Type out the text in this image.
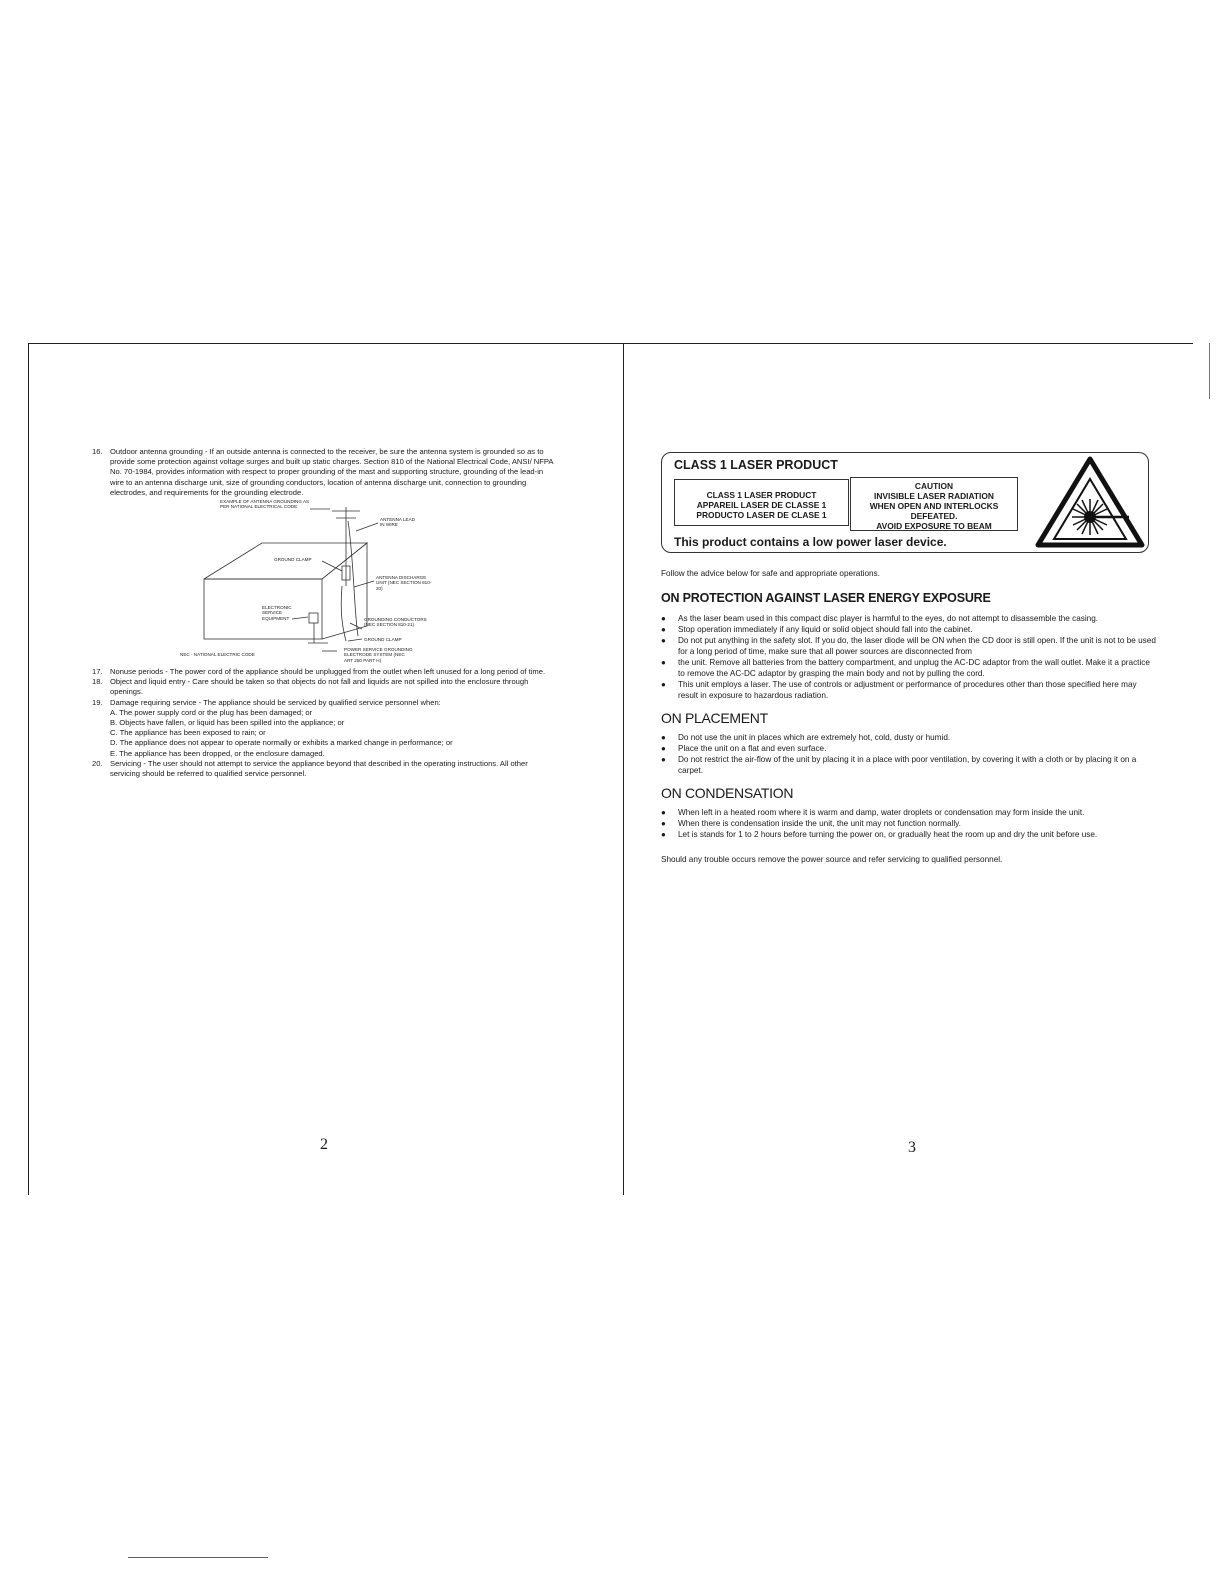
16. Outdoor antenna grounding - If an outside antenna is connected to the receiver, be sure the antenna system is grounded so as to provide some protection against voltage surges and built up static charges. Section 810 of the National Electrical Code, ANSI/ NFPA No. 70-1984, provides information with respect to proper grounding of the mast and supporting structure, grounding of the lead-in wire to an antenna discharge unit, size of grounding conductors, location of antenna discharge unit, connection to grounding electrodes, and requirements for the grounding electrode.
EXAMPLE OF ANTENNA GROUNDING AS PER NATIONAL ELECTRICAL CODE
ANTENNA LEAD IN WIRE
GROUND CLAMP
ANTENNA DISCHARGE UNIT (NEC SECTION 810-20)
ELECTRONIC SERVICE EQUIPMENT	GROUNDING CONDUCTORS (NEC SECTION 810-21)
GROUND CLAMP
POWER SERVICE GROUNDING ELECTRODE SYSTEM (NEC ART 250 PART H)
NEC - NATIONAL ELECTRIC CODE
17. Nonuse periods - The power cord of the appliance should be unplugged from the outlet when left unused for a long period of time.
18. Object and liquid entry - Care should be taken so that objects do not fall and liquids are not spilled into the enclosure through openings.
19. Damage requiring service - The appliance should be serviced by qualified service personnel when:
A. The power supply cord or the plug has been damaged; or
B. Objects have fallen, or liquid has been spilled into the appliance; or
C. The appliance has been exposed to rain; or
D. The appliance does not appear to operate normally or exhibits a marked change in performance; or
E. The appliance has been dropped, or the enclosure damaged.
20. Servicing - The user should not attempt to service the appliance beyond that described in the operating instructions. All other servicing should be referred to qualified service personnel.
2
CLASS 1 LASER PRODUCT
CLASS 1 LASER PRODUCT
APPAREIL LASER DE CLASSE 1
PRODUCTO LASER DE CLASE 1
CAUTION
INVISIBLE LASER RADIATION
WHEN OPEN AND INTERLOCKS
DEFEATED.
AVOID EXPOSURE TO BEAM
This product contains a low power laser device.
Follow the advice below for safe and appropriate operations.
ON PROTECTION AGAINST LASER ENERGY EXPOSURE
● As the laser beam used in this compact disc player is harmful to the eyes, do not attempt to disassemble the casing.
● Stop operation immediately if any liquid or solid object should fall into the cabinet.
● Do not put anything in the safety slot. If you do, the laser diode will be ON when the CD door is still open. If the unit is not to be used for a long period of time, make sure that all power sources are disconnected from
● the unit. Remove all batteries from the battery compartment, and unplug the AC-DC adaptor from the wall outlet. Make it a practice to remove the AC-DC adaptor by grasping the main body and not by pulling the cord.
● This unit employs a laser. The use of controls or adjustment or performance of procedures other than those specified here may result in exposure to hazardous radiation.
ON PLACEMENT
● Do not use the unit in places which are extremely hot, cold, dusty or humid.
● Place the unit on a flat and even surface.
● Do not restrict the air-flow of the unit by placing it in a place with poor ventilation, by covering it with a cloth or by placing it on a carpet.
ON CONDENSATION
● When left in a heated room where it is warm and damp, water droplets or condensation may form inside the unit.
● When there is condensation inside the unit, the unit may not function normally.
● Let is stands for 1 to 2 hours before turning the power on, or gradually heat the room up and dry the unit before use.
Should any trouble occurs remove the power source and refer servicing to qualified personnel.
3
